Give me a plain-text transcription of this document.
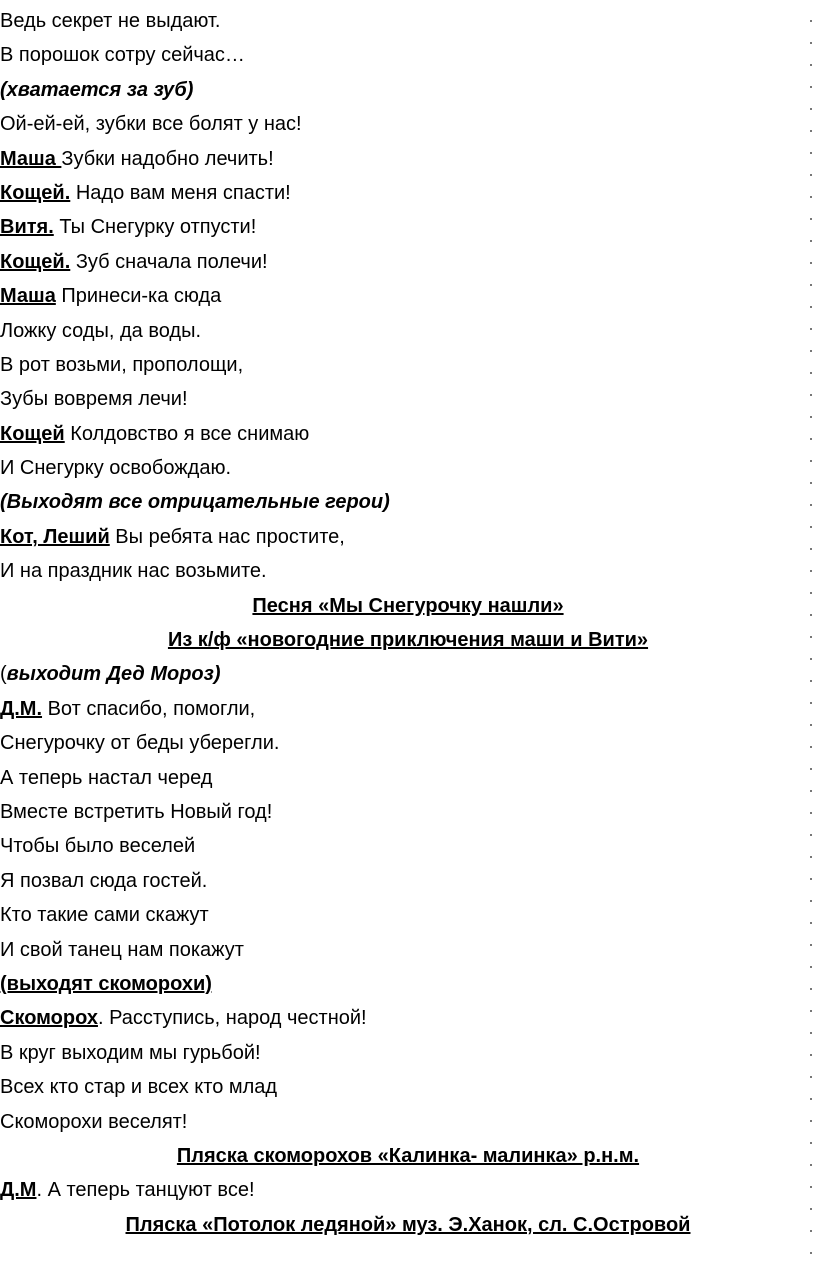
Ведь секрет не выдают.
В порошок сотру сейчас…
(хватается за зуб)
Ой-ей-ей, зубки все болят у нас!
Маша Зубки надобно лечить!
Кощей. Надо вам меня спасти!
Витя. Ты Снегурку отпусти!
Кощей. Зуб сначала полечи!
Маша Принеси-ка сюда
Ложку соды, да воды.
В рот возьми, прополощи,
Зубы вовремя лечи!
Кощей Колдовство я все снимаю
И Снегурку освобождаю.
(Выходят все отрицательные герои)
Кот, Леший Вы ребята нас простите,
И на праздник нас возьмите.
Песня «Мы Снегурочку нашли»
Из к/ф «новогодние приключения маши и Вити»
(выходит Дед Мороз)
Д.М. Вот спасибо, помогли,
Снегурочку от беды уберегли.
А теперь настал черед
Вместе встретить Новый год!
Чтобы было веселей
Я позвал сюда гостей.
Кто такие сами скажут
И свой танец нам покажут
(выходят скоморохи)
Скоморох. Расступись, народ честной!
В круг выходим мы гурьбой!
Всех кто стар и всех кто млад
Скоморохи веселят!
Пляска скоморохов «Калинка- малинка» р.н.м.
Д.М. А теперь танцуют все!
Пляска «Потолок ледяной» муз. Э.Ханок, сл. С.Островой
